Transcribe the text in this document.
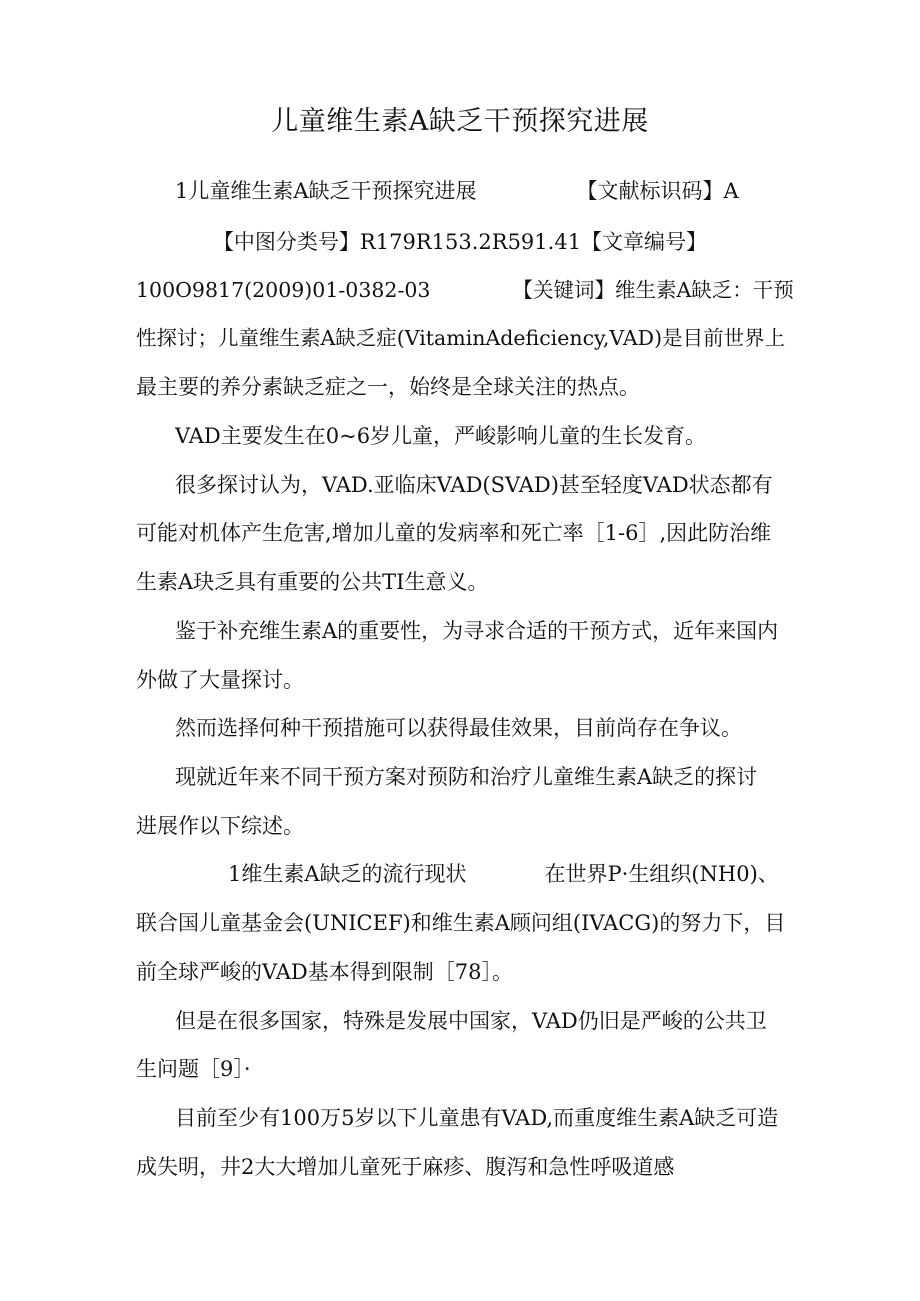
儿童维生素A缺乏干预探究进展
1儿童维生素A缺乏干预探究进展	【文献标识码】A
【中图分类号】R179R153.2R591.41【文章编号】
100O9817(2009)01-0382-03	【关键词】维生素A缺乏：干预
性探讨；儿童维生素A缺乏症(VitaminAdeficiency,VAD)是目前世界上
最主要的养分素缺乏症之一，始终是全球关注的热点。
VAD主要发生在0~6岁儿童，严峻影响儿童的生长发育。
很多探讨认为，VAD.亚临床VAD(SVAD)甚至轻度VAD状态都有
可能对机体产生危害,增加儿童的发病率和死亡率［1-6］,因此防治维
生素A玦乏具有重要的公共TI生意义。
鉴于补充维生素A的重要性，为寻求合适的干预方式，近年来国内
外做了大量探讨。
然而选择何种干预措施可以获得最佳效果，目前尚存在争议。
现就近年来不同干预方案对预防和治疗儿童维生素A缺乏的探讨
进展作以下综述。
1维生素A缺乏的流行现状	在世界P·生组织(NH0)、
联合国儿童基金会(UNICEF)和维生素A顾问组(IVACG)的努力下，目
前全球严峻的VAD基本得到限制［78］。
但是在很多国家，特殊是发展中国家，VAD仍旧是严峻的公共卫
生问题［9］·
目前至少有100万5岁以下儿童患有VAD,而重度维生素A缺乏可造
成失明，井2大大增加儿童死于麻疹、腹泻和急性呼吸道感
